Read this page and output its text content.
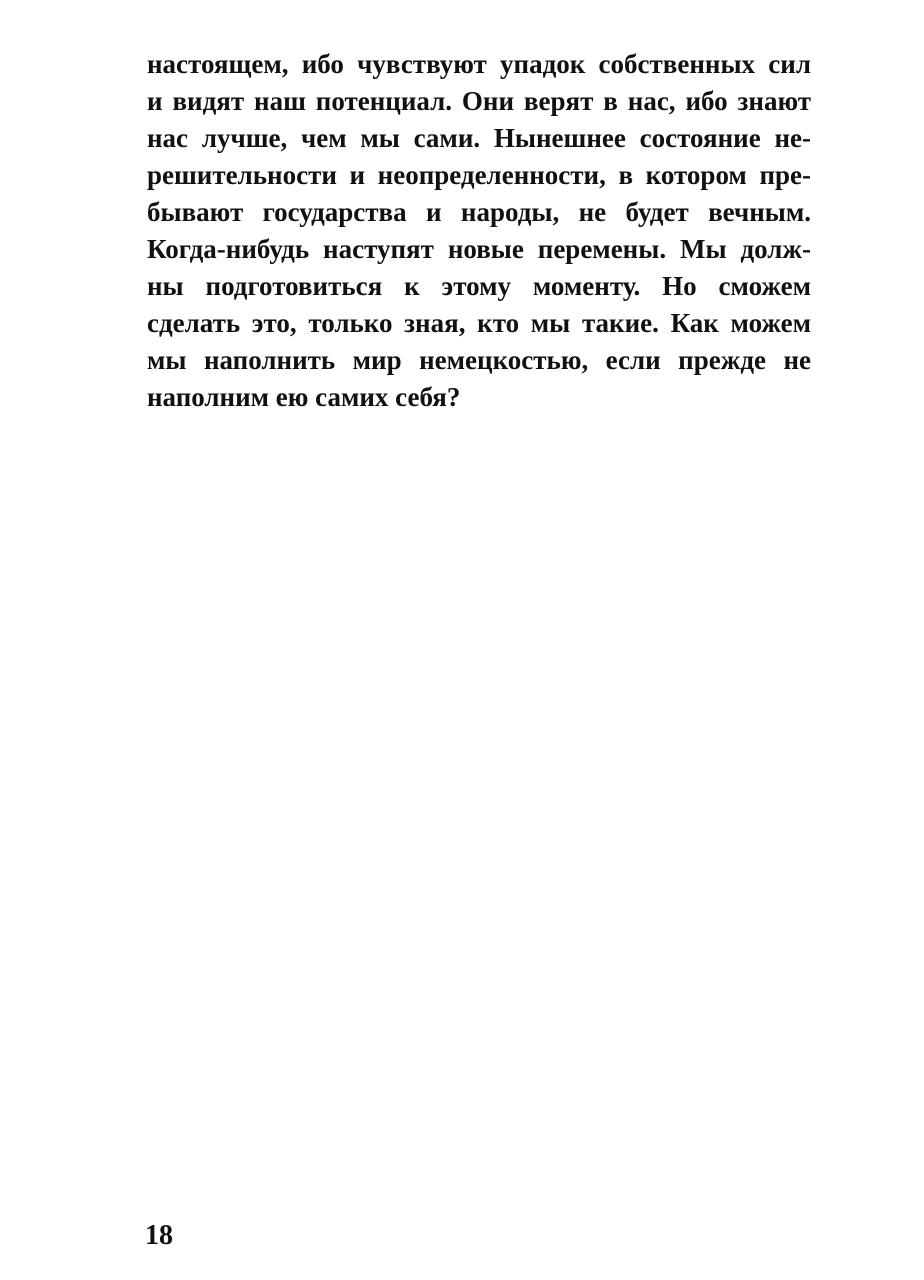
настоящем, ибо чувствуют упадок собственных сил
и видят наш потенциал. Они верят в нас, ибо знают
нас лучше, чем мы сами. Нынешнее состояние не-
решительности и неопределенности, в котором пре-
бывают государства и народы, не будет вечным.
Когда-нибудь наступят новые перемены. Мы долж-
ны подготовиться к этому моменту. Но сможем
сделать это, только зная, кто мы такие. Как можем
мы наполнить мир немецкостью, если прежде не
наполним ею самих себя?
18
